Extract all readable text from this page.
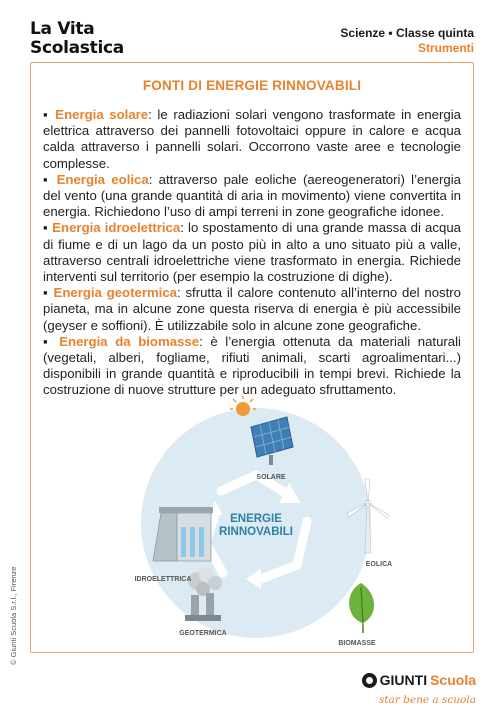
La Vita
Scolastica
Scienze • Classe quinta
Strumenti
FONTI DI ENERGIE RINNOVABILI

▪ Energia solare: le radiazioni solari vengono trasformate in energia elettrica attraverso dei pannelli fotovoltaici oppure in calore e acqua calda attraverso i pannelli solari. Occorrono vaste aree e tecnologie complesse.

▪ Energia eolica: attraverso pale eoliche (aereogeneratori) l’energia del vento (una grande quantità di aria in movimento) viene convertita in energia. Richiedono l’uso di ampi terreni in zone geografiche idonee.

▪ Energia idroelettrica: lo spostamento di una grande massa di acqua di fiume e di un lago da un posto più in alto a uno situato più a valle, attraverso centrali idroelettriche viene trasformato in energia. Richiede interventi sul territorio (per esempio la costruzione di dighe).

▪ Energia geotermica: sfrutta il calore contenuto all’interno del nostro pianeta, ma in alcune zone questa riserva di energia è più accessibile (geyser e soffioni). È utilizzabile solo in alcune zone geografiche.

▪ Energia da biomasse: è l’energia ottenuta da materiali naturali (vegetali, alberi, fogliame, rifiuti animali, scarti agroalimentari...) disponibili in grande quantità e riproducibili in tempi brevi. Richiede la costruzione di nuove strutture per un adeguato sfruttamento.

ENERGIE
RINNOVABILI
SOLARE
EOLICA
BIOMASSE
GEOTERMICA
IDROELETTRICA
© Giunti Scuola S.r.l., Firenze
GIUNTI Scuola
star bene a scuola
